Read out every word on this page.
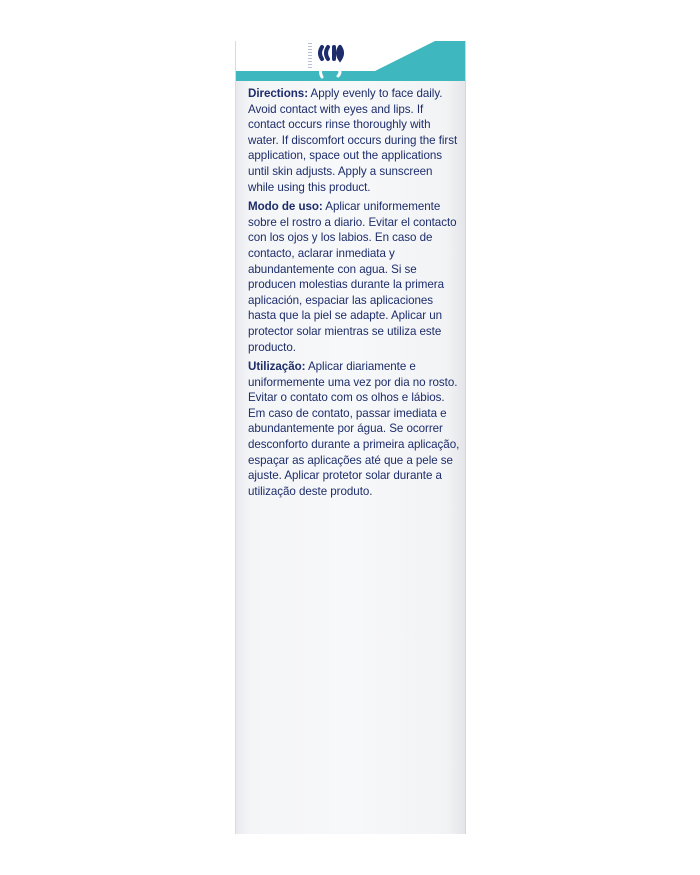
Directions: Apply evenly to face daily. Avoid contact with eyes and lips. If contact occurs rinse thoroughly with water. If discomfort occurs during the first application, space out the applications until skin adjusts. Apply a sunscreen while using this product.

Modo de uso: Aplicar uniformemente sobre el rostro a diario. Evitar el contacto con los ojos y los labios. En caso de contacto, aclarar inmediata y abundantemente con agua. Si se producen molestias durante la primera aplicación, espaciar las aplicaciones hasta que la piel se adapte. Aplicar un protector solar mientras se utiliza este producto.

Utilização: Aplicar diariamente e uniformemente uma vez por dia no rosto. Evitar o contato com os olhos e lábios. Em caso de contato, passar imediata e abundantemente por água. Se ocorrer desconforto durante a primeira aplicação, espaçar as aplicações até que a pele se ajuste. Aplicar protetor solar durante a utilização deste produto.
